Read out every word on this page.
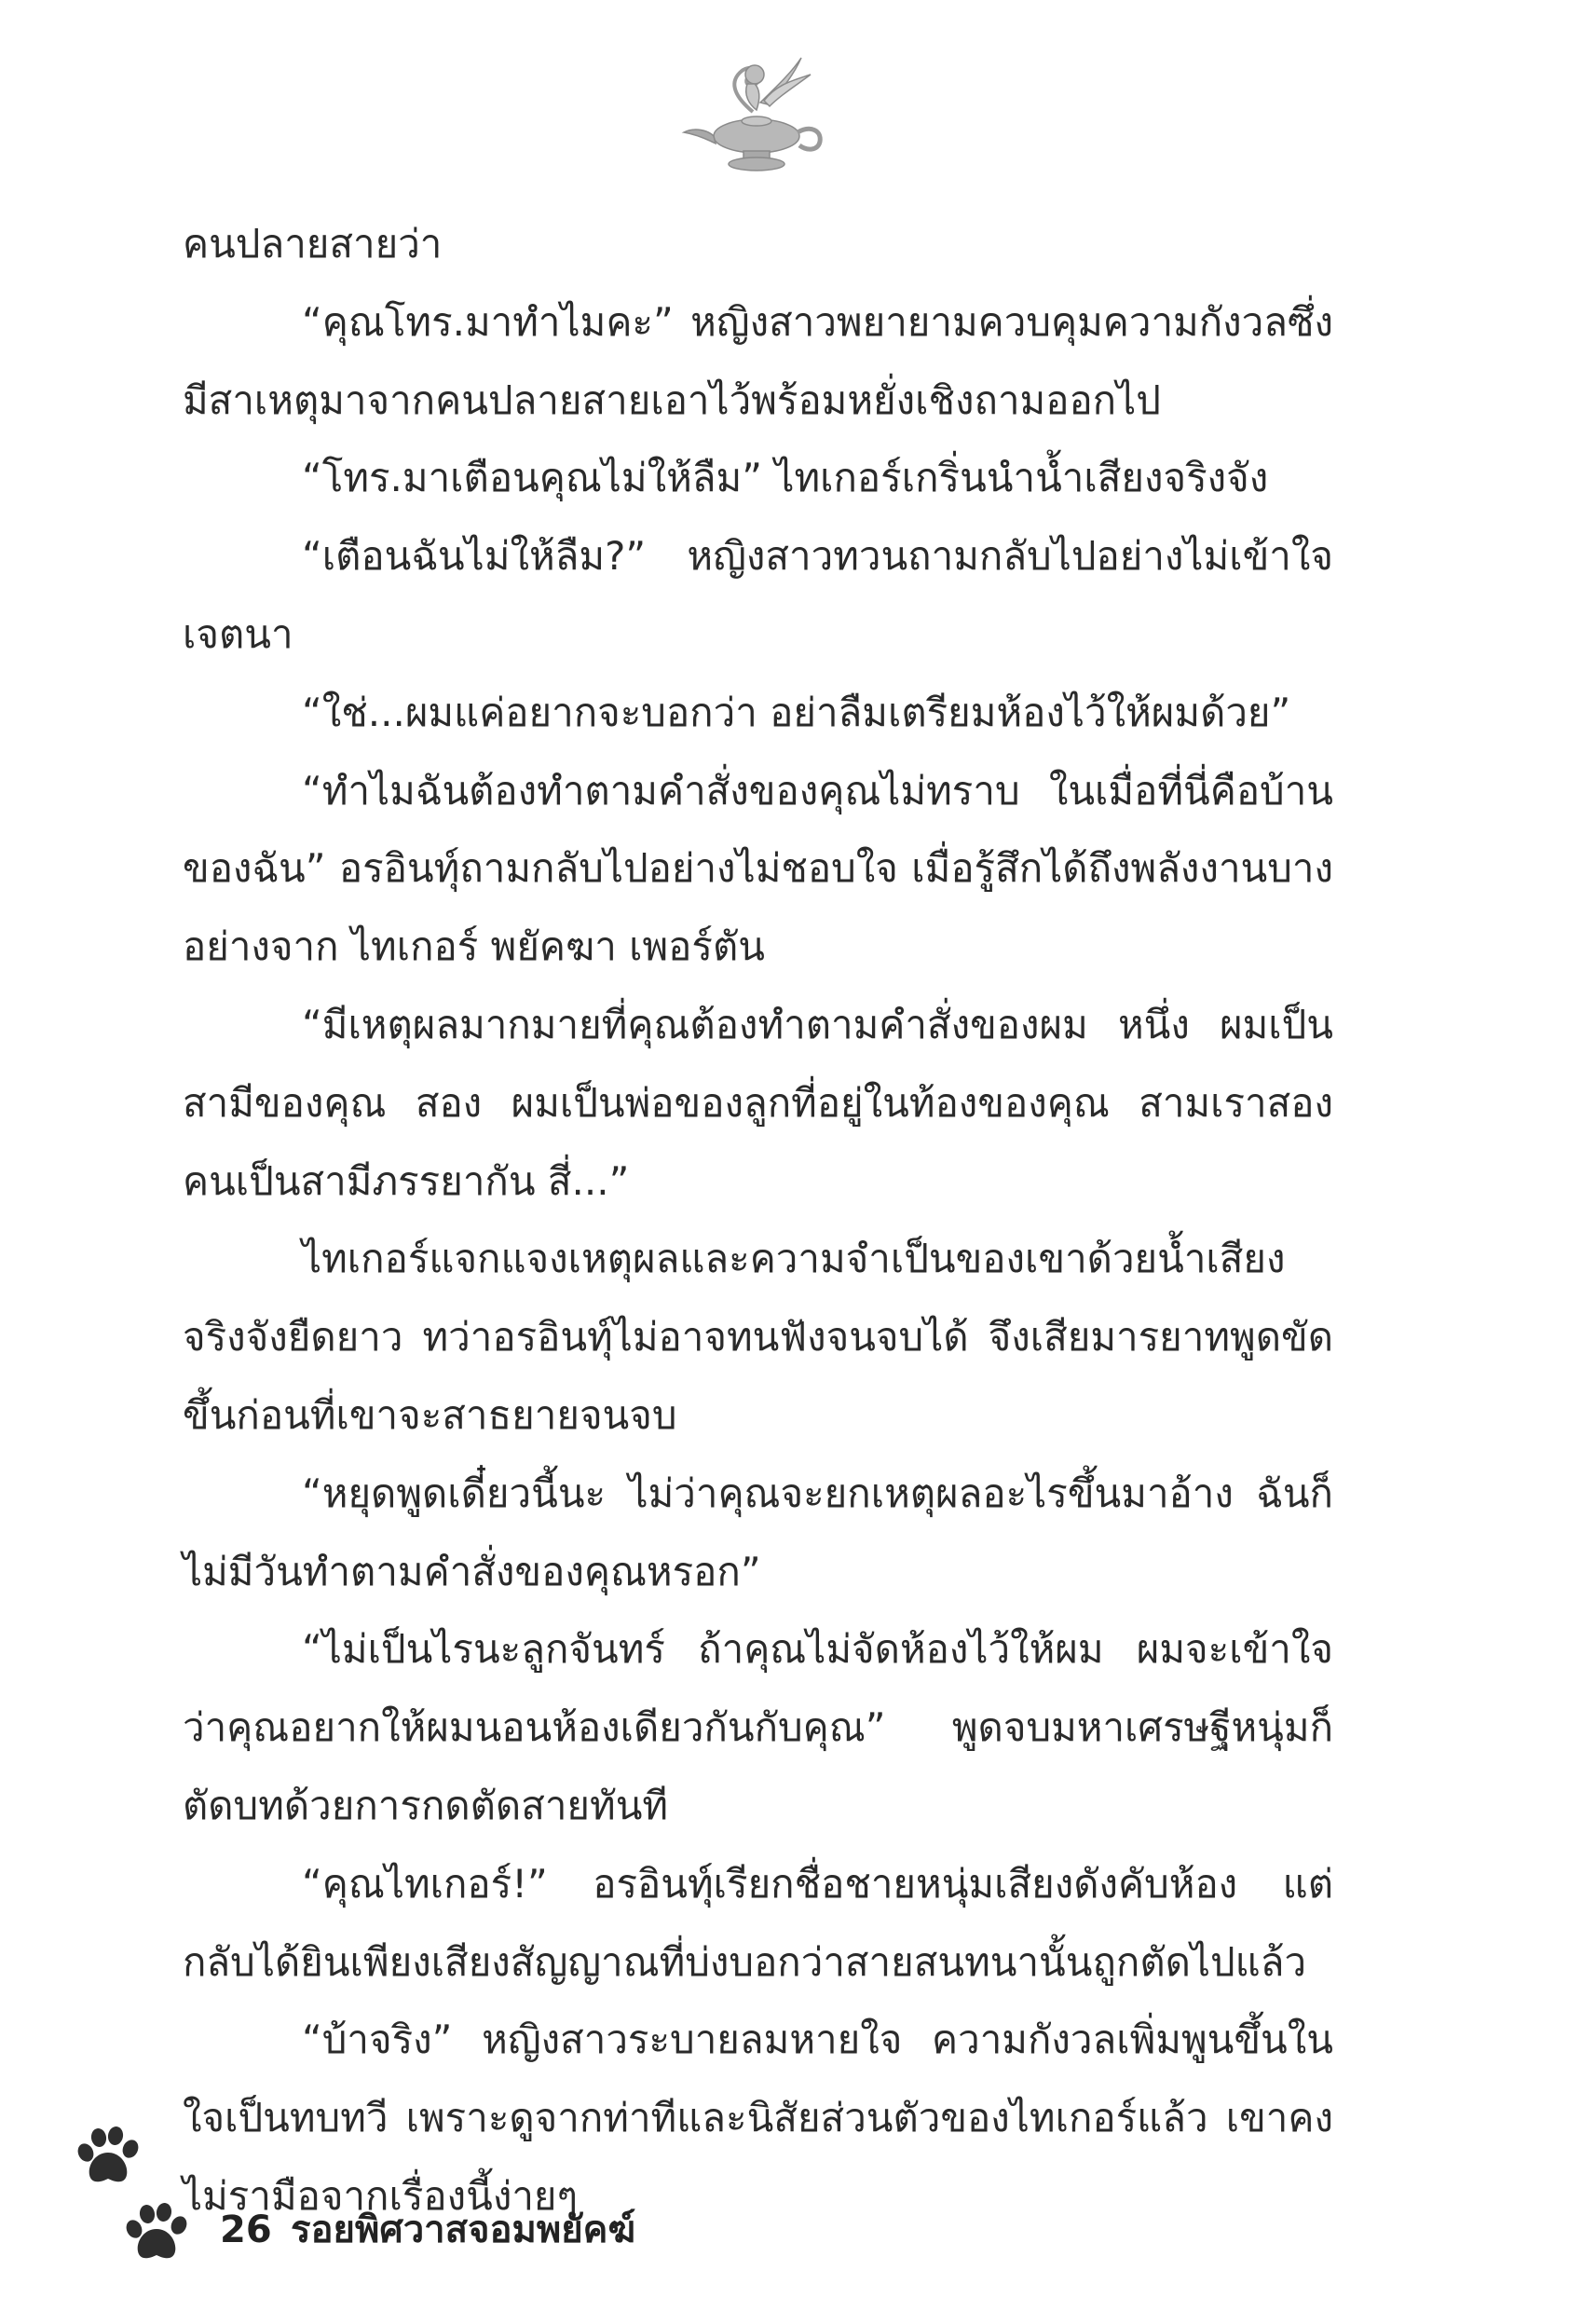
คนปลายสายว่า

“คุณโทร.มาทำไมคะ” หญิงสาวพยายามควบคุมความกังวลซึ่งมีสาเหตุมาจากคนปลายสายเอาไว้พร้อมหยั่งเชิงถามออกไป

“โทร.มาเตือนคุณไม่ให้ลืม” ไทเกอร์เกริ่นนำน้ำเสียงจริงจัง

“เตือนฉันไม่ให้ลืม?” หญิงสาวทวนถามกลับไปอย่างไม่เข้าใจเจตนา

“ใช่...ผมแค่อยากจะบอกว่า อย่าลืมเตรียมห้องไว้ให้ผมด้วย”

“ทำไมฉันต้องทำตามคำสั่งของคุณไม่ทราบ ในเมื่อที่นี่คือบ้านของฉัน” อรอินทุ์ถามกลับไปอย่างไม่ชอบใจ เมื่อรู้สึกได้ถึงพลังงานบางอย่างจาก ไทเกอร์ พยัคฆา เพอร์ตัน

“มีเหตุผลมากมายที่คุณต้องทำตามคำสั่งของผม หนึ่ง ผมเป็นสามีของคุณ สอง ผมเป็นพ่อของลูกที่อยู่ในท้องของคุณ สามเราสองคนเป็นสามีภรรยากัน สี่...”

ไทเกอร์แจกแจงเหตุผลและความจำเป็นของเขาด้วยน้ำเสียงจริงจังยืดยาว ทว่าอรอินทุ์ไม่อาจทนฟังจนจบได้ จึงเสียมารยาทพูดขัดขึ้นก่อนที่เขาจะสาธยายจนจบ

“หยุดพูดเดี๋ยวนี้นะ ไม่ว่าคุณจะยกเหตุผลอะไรขึ้นมาอ้าง ฉันก็ไม่มีวันทำตามคำสั่งของคุณหรอก”

“ไม่เป็นไรนะลูกจันทร์ ถ้าคุณไม่จัดห้องไว้ให้ผม ผมจะเข้าใจว่าคุณอยากให้ผมนอนห้องเดียวกันกับคุณ” พูดจบมหาเศรษฐีหนุ่มก็ตัดบทด้วยการกดตัดสายทันที

“คุณไทเกอร์!” อรอินทุ์เรียกชื่อชายหนุ่มเสียงดังคับห้อง แต่กลับได้ยินเพียงเสียงสัญญาณที่บ่งบอกว่าสายสนทนานั้นถูกตัดไปแล้ว

“บ้าจริง” หญิงสาวระบายลมหายใจ ความกังวลเพิ่มพูนขึ้นในใจเป็นทบทวี เพราะดูจากท่าทีและนิสัยส่วนตัวของไทเกอร์แล้ว เขาคงไม่รามือจากเรื่องนี้ง่ายๆ

26 รอยพิศวาสจอมพยัคฆ์
